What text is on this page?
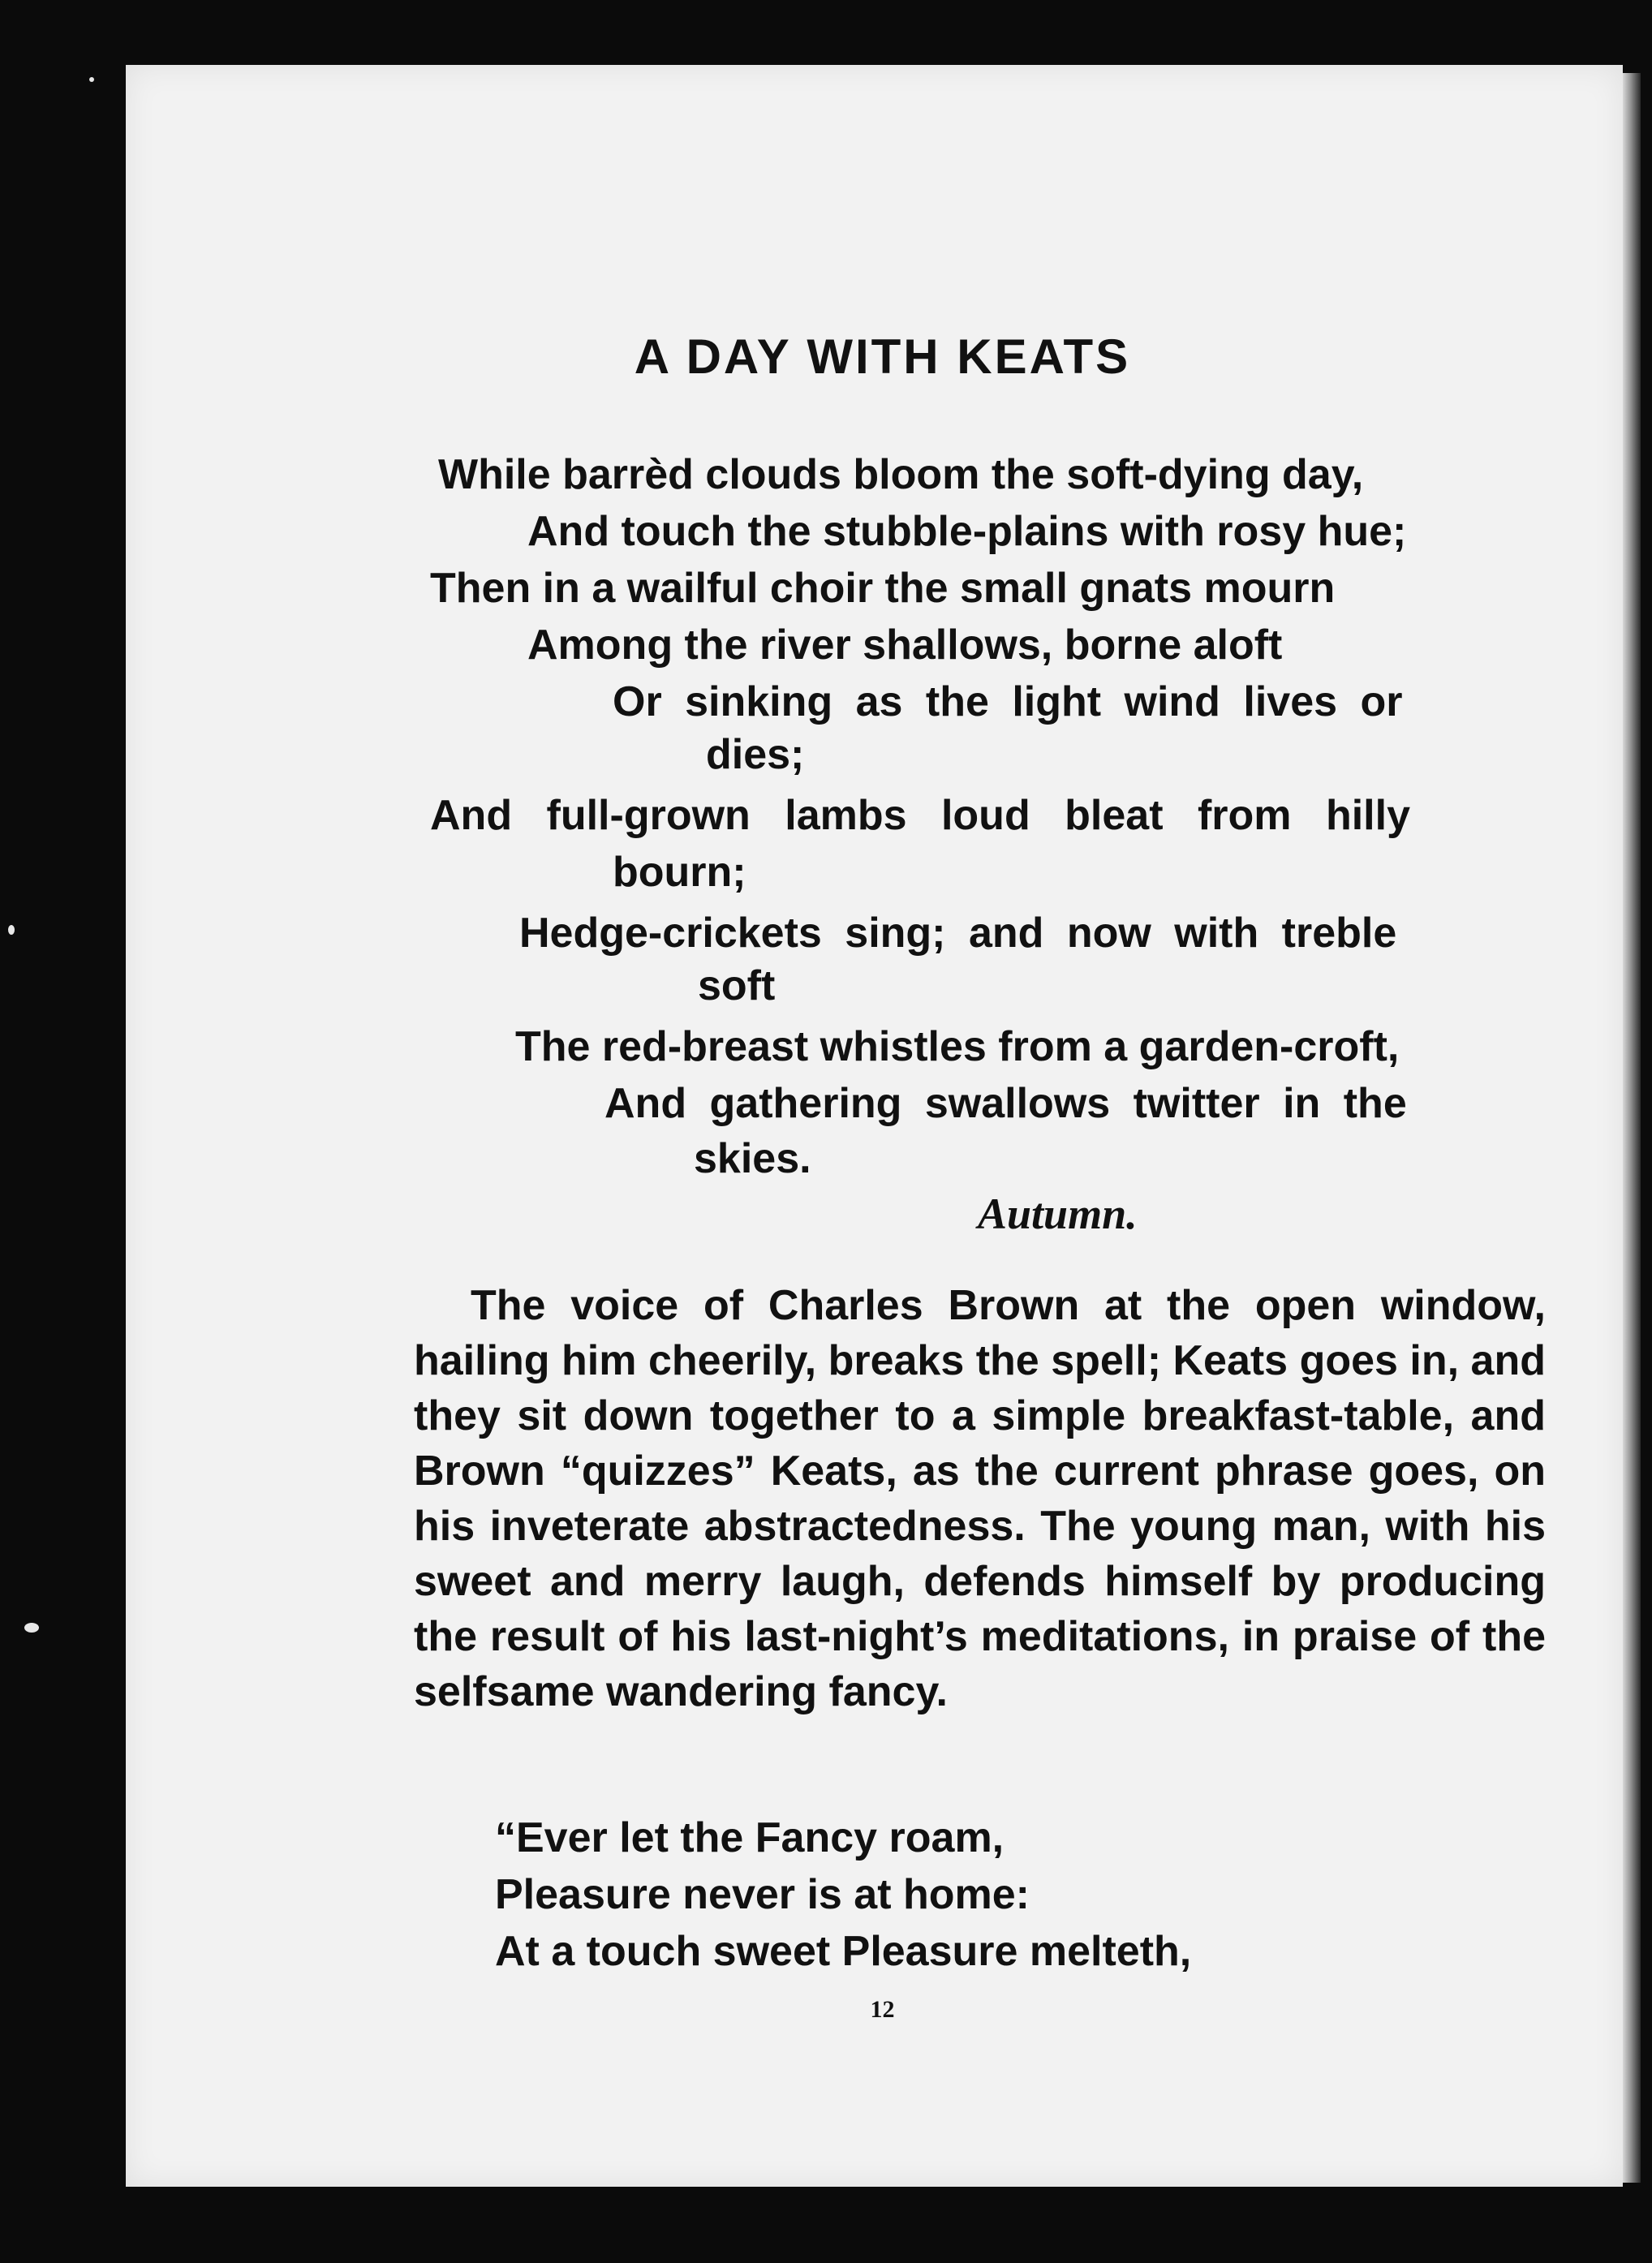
A DAY WITH KEATS
While barrèd clouds bloom the soft-dying day,
And touch the stubble-plains with rosy hue;
Then in a wailful choir the small gnats mourn
Among the river shallows, borne aloft
Or sinking as the light wind lives or
dies;
And full-grown lambs loud bleat from hilly
bourn;
Hedge-crickets sing; and now with treble
soft
The red-breast whistles from a garden-croft,
And gathering swallows twitter in the
skies.
Autumn.
The voice of Charles Brown at the open window, hailing him cheerily, breaks the spell; Keats goes in, and they sit down together to a simple breakfast-table, and Brown “quizzes” Keats, as the current phrase goes, on his inveterate abstractedness. The young man, with his sweet and merry laugh, defends himself by producing the result of his last-night’s meditations, in praise of the selfsame wandering fancy.
“Ever let the Fancy roam,
Pleasure never is at home:
At a touch sweet Pleasure melteth,
12
